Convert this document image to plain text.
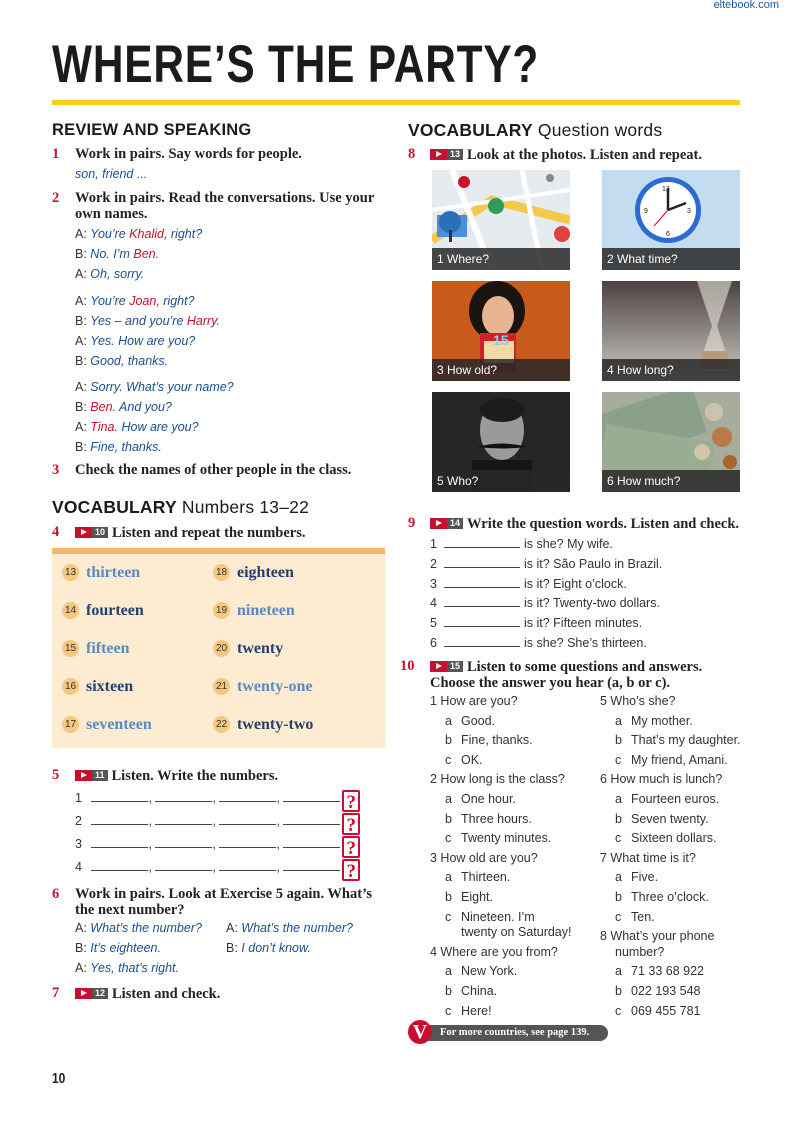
eltebook.com
WHERE’S THE PARTY?
REVIEW AND SPEAKING
1 Work in pairs. Say words for people.
son, friend ...
2 Work in pairs. Read the conversations. Use your own names.
A: You’re Khalid, right?
B: No. I’m Ben.
A: Oh, sorry.
A: You’re Joan, right?
B: Yes – and you’re Harry.
A: Yes. How are you?
B: Good, thanks.
A: Sorry. What’s your name?
B: Ben. And you?
A: Tina. How are you?
B: Fine, thanks.
3 Check the names of other people in the class.
VOCABULARY Numbers 13–22
4	10 Listen and repeat the numbers.
13 thirteen	18 eighteen
14 fourteen	19 nineteen
15 fifteen	20 twenty
16 sixteen	21 twenty-one
17 seventeen	22 twenty-two
5	11 Listen. Write the numbers.
1	,	,	,	?
2	,	,	,	?
3	,	,	,	?
4	,	,	,	?
6 Work in pairs. Look at Exercise 5 again. What’s the next number?
A: What’s the number?
B: It’s eighteen.
A: Yes, that’s right.
A: What’s the number?
B: I don’t know.
7	12 Listen and check.
VOCABULARY Question words
8	13 Look at the photos. Listen and repeat.
1 Where?
12
3
6
9
2 What time?
15
3 How old?	4 How long?
5 Who?	6 How much?
9	14 Write the question words. Listen and check.
1	is she? My wife.
2	is it? São Paulo in Brazil.
3	is it? Eight o’clock.
4	is it? Twenty-two dollars.
5	is it? Fifteen minutes.
6	is she? She’s thirteen.
10	15 Listen to some questions and answers. Choose the answer you hear (a, b or c).
1 How are you?
a Good.
b Fine, thanks.
c OK.
2 How long is the class?
a One hour.
b Three hours.
c Twenty minutes.
3 How old are you?
a Thirteen.
b Eight.
c Nineteen. I’m
twenty on Saturday!
4 Where are you from?
a New York.
b China.
c Here!
5 Who’s she?
a My mother.
b That’s my daughter.
c My friend, Amani.
6 How much is lunch?
a Fourteen euros.
b Seven twenty.
c Sixteen dollars.
7 What time is it?
a Five.
b Three o’clock.
c Ten.
8 What’s your phone
number?
a 71 33 68 922
b 022 193 548
c 069 455 781
For more countries, see page 139.
V
10
